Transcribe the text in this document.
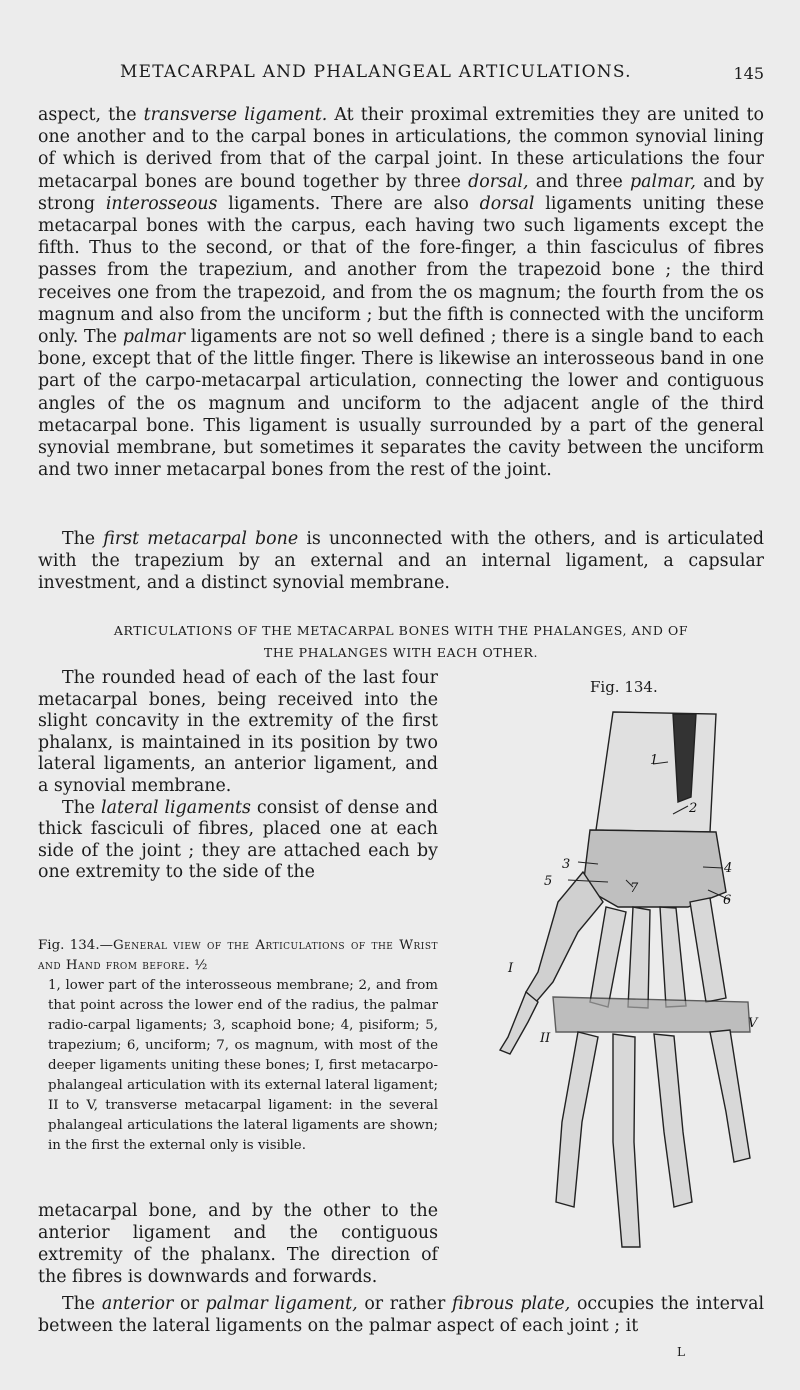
METACARPAL AND PHALANGEAL ARTICULATIONS.	145

aspect, the transverse ligament. At their proximal extremities they are united to one another and to the carpal bones in articulations, the common synovial lining of which is derived from that of the carpal joint. In these articulations the four metacarpal bones are bound together by three dorsal, and three palmar, and by strong interosseous ligaments. There are also dorsal ligaments uniting these metacarpal bones with the carpus, each having two such ligaments except the fifth. Thus to the second, or that of the fore-finger, a thin fasciculus of fibres passes from the trapezium, and another from the trapezoid bone ; the third receives one from the trapezoid, and from the os magnum; the fourth from the os magnum and also from the unciform ; but the fifth is connected with the unciform only. The palmar ligaments are not so well defined ; there is a single band to each bone, except that of the little finger. There is likewise an interosseous band in one part of the carpo-metacarpal articulation, connecting the lower and contiguous angles of the os magnum and unciform to the adjacent angle of the third metacarpal bone. This ligament is usually surrounded by a part of the general synovial membrane, but sometimes it separates the cavity between the unciform and two inner metacarpal bones from the rest of the joint.

The first metacarpal bone is unconnected with the others, and is articulated with the trapezium by an external and an internal ligament, a capsular investment, and a distinct synovial membrane.

ARTICULATIONS OF THE METACARPAL BONES WITH THE PHALANGES, AND OF
THE PHALANGES WITH EACH OTHER.

The rounded head of each of the last four metacarpal bones, being received into the slight concavity in the extremity of the first phalanx, is maintained in its position by two lateral ligaments, an anterior ligament, and a synovial membrane.

The lateral ligaments consist of dense and thick fasciculi of fibres, placed one at each side of the joint ; they are attached each by one extremity to the side of the

Fig. 134.—General view of the Articulations of the Wrist and Hand from before. ½

1, lower part of the interosseous membrane; 2, and from that point across the lower end of the radius, the palmar radio-carpal ligaments; 3, scaphoid bone; 4, pisiform; 5, trapezium; 6, unciform; 7, os magnum, with most of the deeper ligaments uniting these bones; I, first metacarpo-phalangeal articulation with its external lateral ligament; II to V, transverse metacarpal ligament: in the several phalangeal articulations the lateral ligaments are shown; in the first the external only is visible.

metacarpal bone, and by the other to the anterior ligament and the contiguous extremity of the phalanx. The direction of the fibres is downwards and forwards.

The anterior or palmar ligament, or rather fibrous plate, occupies the interval between the lateral ligaments on the palmar aspect of each joint ; it

Fig. 134.
1
2
3	4
5
6
7
I
II
V
L
